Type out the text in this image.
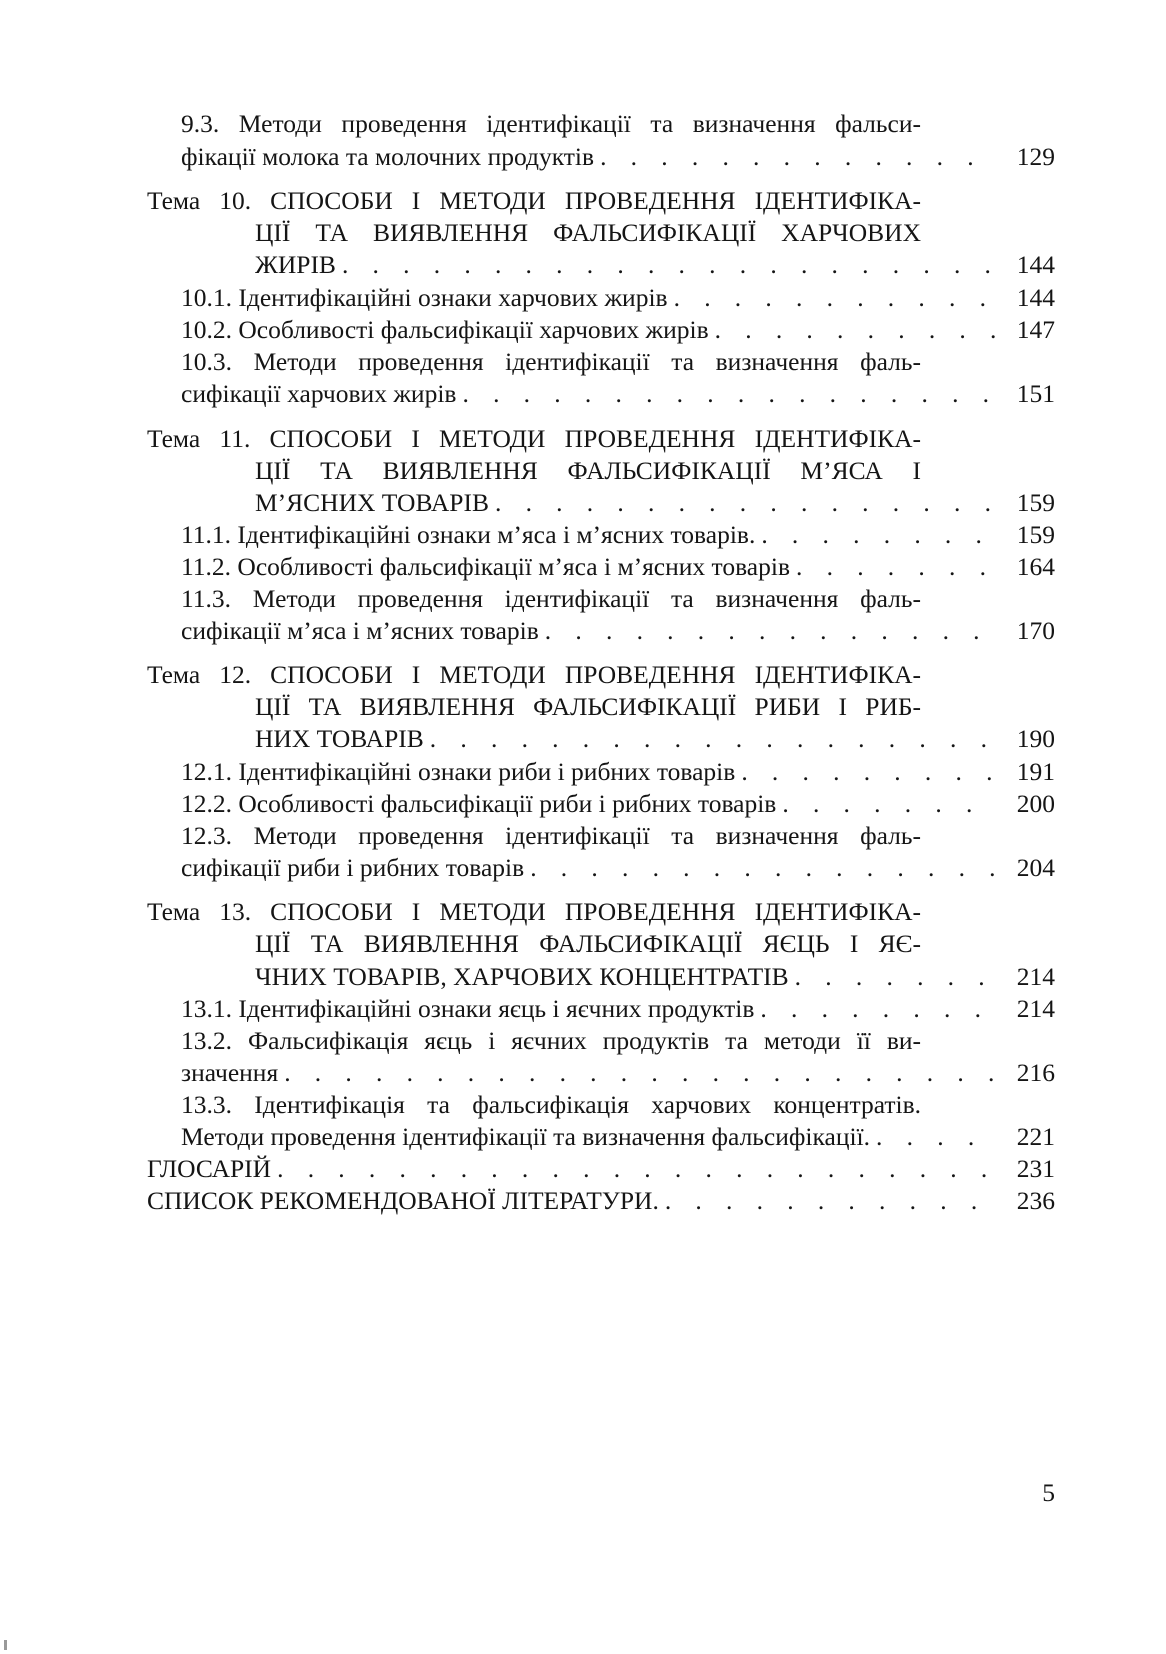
9.3. Методи проведення ідентифікації та визначення фальси-
фікації молока та молочних продуктів . . .	129
Тема 10. СПОСОБИ І МЕТОДИ ПРОВЕДЕННЯ ІДЕНТИФІКА-
ЦІЇ ТА ВИЯВЛЕННЯ ФАЛЬСИФІКАЦІЇ ХАРЧОВИХ
ЖИРІВ . . .	144
10.1. Ідентифікаційні ознаки харчових жирів . . .	144
10.2. Особливості фальсифікації харчових жирів . . .	147
10.3. Методи проведення ідентифікації та визначення фаль-
сифікації харчових жирів . . .	151
Тема 11. СПОСОБИ І МЕТОДИ ПРОВЕДЕННЯ ІДЕНТИФІКА-
ЦІЇ ТА ВИЯВЛЕННЯ ФАЛЬСИФІКАЦІЇ М’ЯСА І
М’ЯСНИХ ТОВАРІВ . . .	159
11.1. Ідентифікаційні ознаки м’яса і м’ясних товарів. . . .	159
11.2. Особливості фальсифікації м’яса і м’ясних товарів . . .	164
11.3. Методи проведення ідентифікації та визначення фаль-
сифікації м’яса і м’ясних товарів . . .	170
Тема 12. СПОСОБИ І МЕТОДИ ПРОВЕДЕННЯ ІДЕНТИФІКА-
ЦІЇ ТА ВИЯВЛЕННЯ ФАЛЬСИФІКАЦІЇ РИБИ І РИБ-
НИХ ТОВАРІВ . . .	190
12.1. Ідентифікаційні ознаки риби і рибних товарів . . .	191
12.2. Особливості фальсифікації риби і рибних товарів . . .	200
12.3. Методи проведення ідентифікації та визначення фаль-
сифікації риби і рибних товарів . . .	204
Тема 13. СПОСОБИ І МЕТОДИ ПРОВЕДЕННЯ ІДЕНТИФІКА-
ЦІЇ ТА ВИЯВЛЕННЯ ФАЛЬСИФІКАЦІЇ ЯЄЦЬ І ЯЄ-
ЧНИХ ТОВАРІВ, ХАРЧОВИХ КОНЦЕНТРАТІВ . . .	214
13.1. Ідентифікаційні ознаки яєць і яєчних продуктів . . .	214
13.2. Фальсифікація яєць і яєчних продуктів та методи її ви-
значення . . .	216
13.3. Ідентифікація та фальсифікація харчових концентратів.
Методи проведення ідентифікації та визначення фальсифікації. . . .	221
ГЛОСАРІЙ . . .	231
СПИСОК РЕКОМЕНДОВАНОЇ ЛІТЕРАТУРИ. . . .	236
5
